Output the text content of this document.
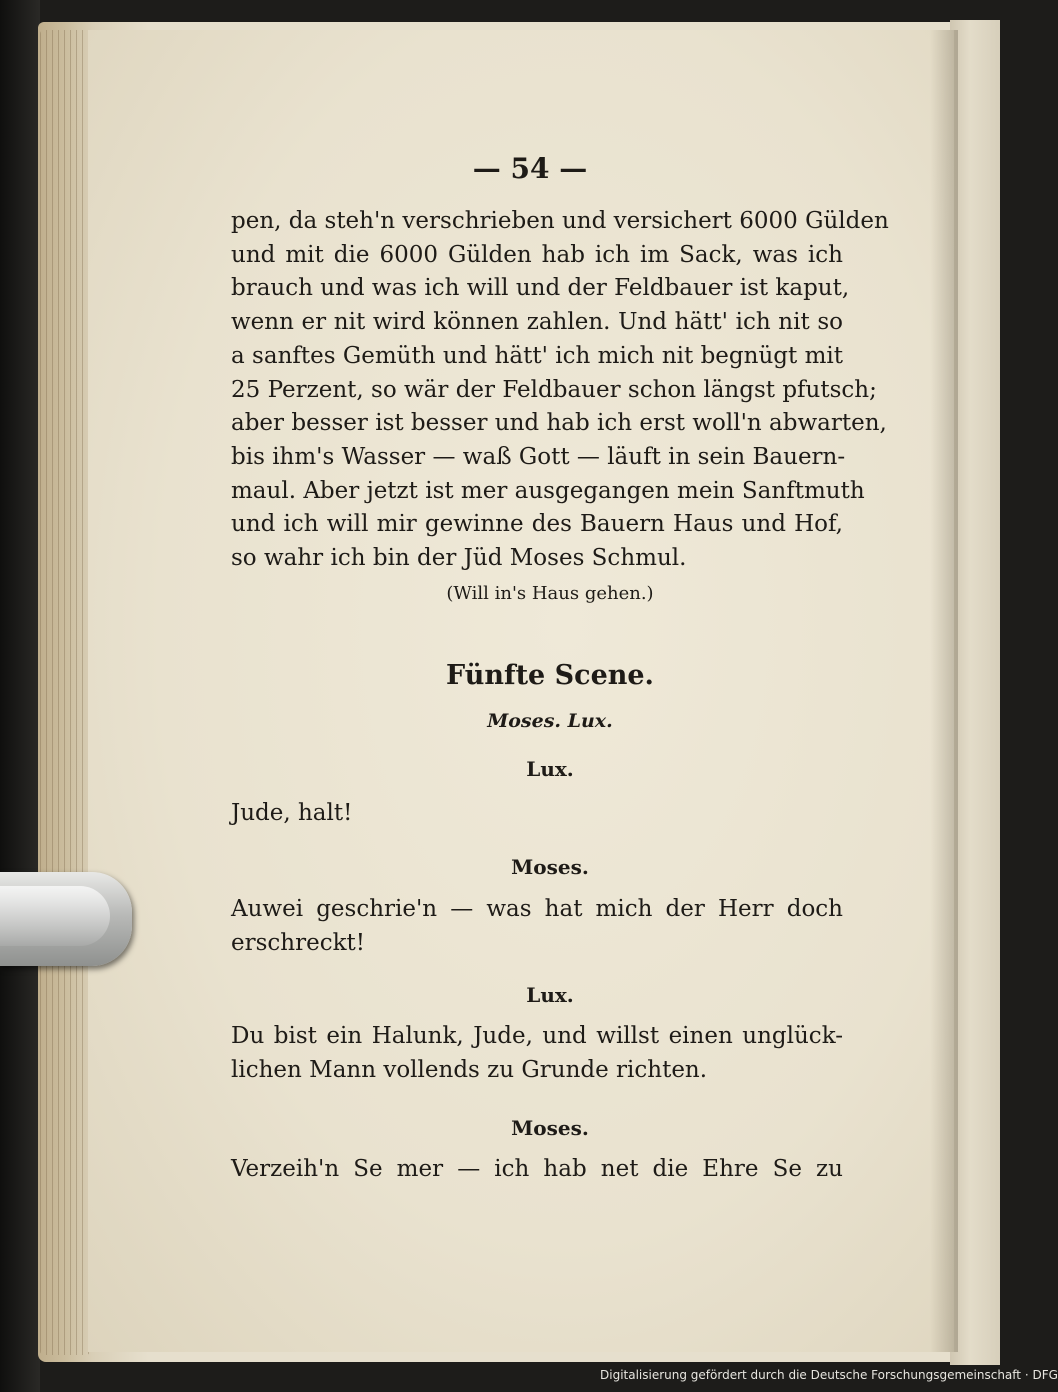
— 54 —
pen, da steh'n verschrieben und versichert 6000 Gülden
und mit die 6000 Gülden hab ich im Sack, was ich
brauch und was ich will und der Feldbauer ist kaput,
wenn er nit wird können zahlen. Und hätt' ich nit so
a sanftes Gemüth und hätt' ich mich nit begnügt mit
25 Perzent, so wär der Feldbauer schon längst pfutsch;
aber besser ist besser und hab ich erst woll'n abwarten,
bis ihm's Wasser — waß Gott — läuft in sein Bauern-
maul. Aber jetzt ist mer ausgegangen mein Sanftmuth
und ich will mir gewinne des Bauern Haus und Hof,
so wahr ich bin der Jüd Moses Schmul.
(Will in's Haus gehen.)
Fünfte Scene.
Moses. Lux.
Lux.
Jude, halt!
Moses.
Auwei geschrie'n — was hat mich der Herr doch
erschreckt!
Lux.
Du bist ein Halunk, Jude, und willst einen unglück-
lichen Mann vollends zu Grunde richten.
Moses.
Verzeih'n Se mer — ich hab net die Ehre Se zu
Digitalisierung gefördert durch die Deutsche Forschungsgemeinschaft · DFG
